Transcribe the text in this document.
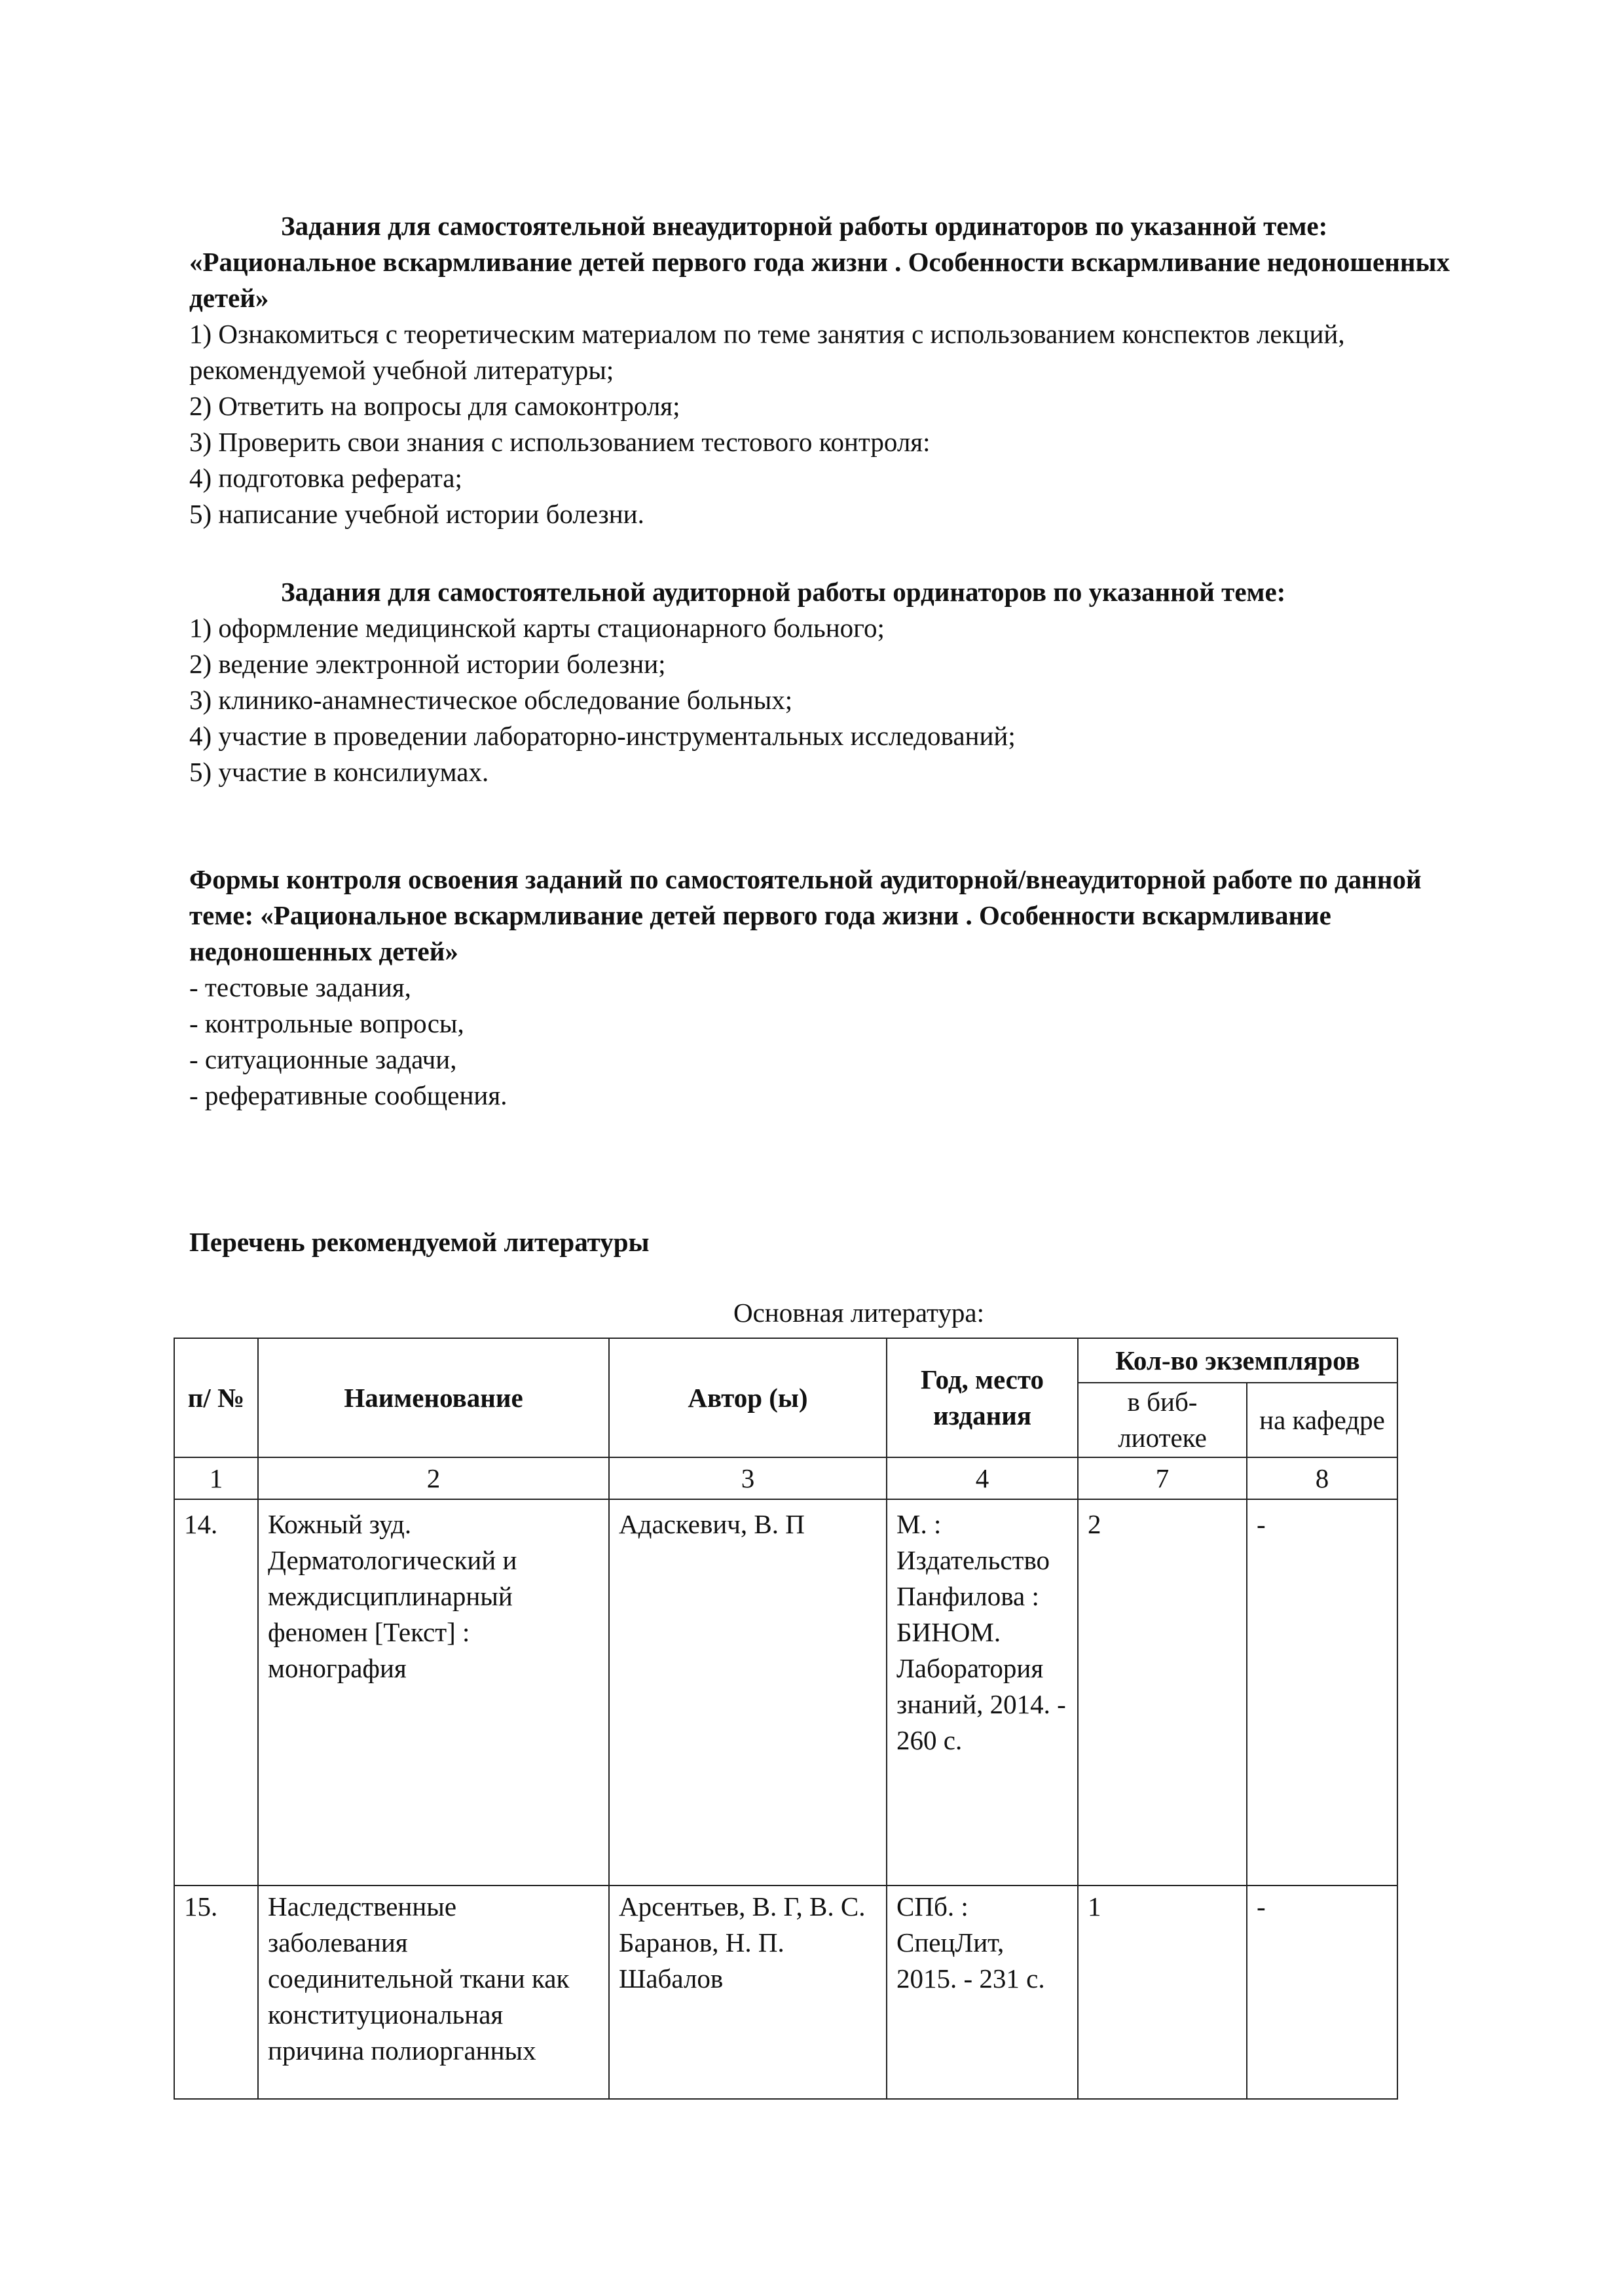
Задания для самостоятельной внеаудиторной работы ординаторов по указанной теме: «Рациональное вскармливание детей первого года жизни . Особенности вскармливание недоношенных детей»
1) Ознакомиться с теоретическим материалом по теме занятия с использованием конспектов лекций, рекомендуемой учебной литературы;
2) Ответить на вопросы для самоконтроля;
3) Проверить свои знания с использованием тестового контроля:
4) подготовка реферата;
5) написание учебной истории болезни.
Задания для самостоятельной аудиторной работы ординаторов по указанной теме:
1) оформление медицинской карты стационарного больного;
2) ведение электронной истории болезни;
3) клинико-анамнестическое обследование больных;
4) участие в проведении лабораторно-инструментальных исследований;
5) участие в консилиумах.
Формы контроля освоения заданий по самостоятельной аудиторной/внеаудиторной работе по данной теме: «Рациональное вскармливание детей первого года жизни . Особенности вскармливание недоношенных детей»
- тестовые задания,
- контрольные вопросы,
- ситуационные задачи,
- реферативные сообщения.
Перечень рекомендуемой литературы
Основная литература:
п/ №	Наименование	Автор (ы)	Год, место издания	Кол-во экземпляров	
				в биб-лиотеке	на кафедре
1	2	3	4	7	8
14.	Кожный зуд. Дерматологический и междисциплинарный феномен [Текст] : монография	Адаскевич, В. П	М. : Издательство Панфилова : БИНОМ. Лаборатория знаний, 2014. - 260 с.	2	-
15.	Наследственные заболевания соединительной ткани как конституциональная причина полиорганных	Арсентьев, В. Г, В. С. Баранов, Н. П. Шабалов	СПб. : СпецЛит, 2015. - 231 с.	1	-
